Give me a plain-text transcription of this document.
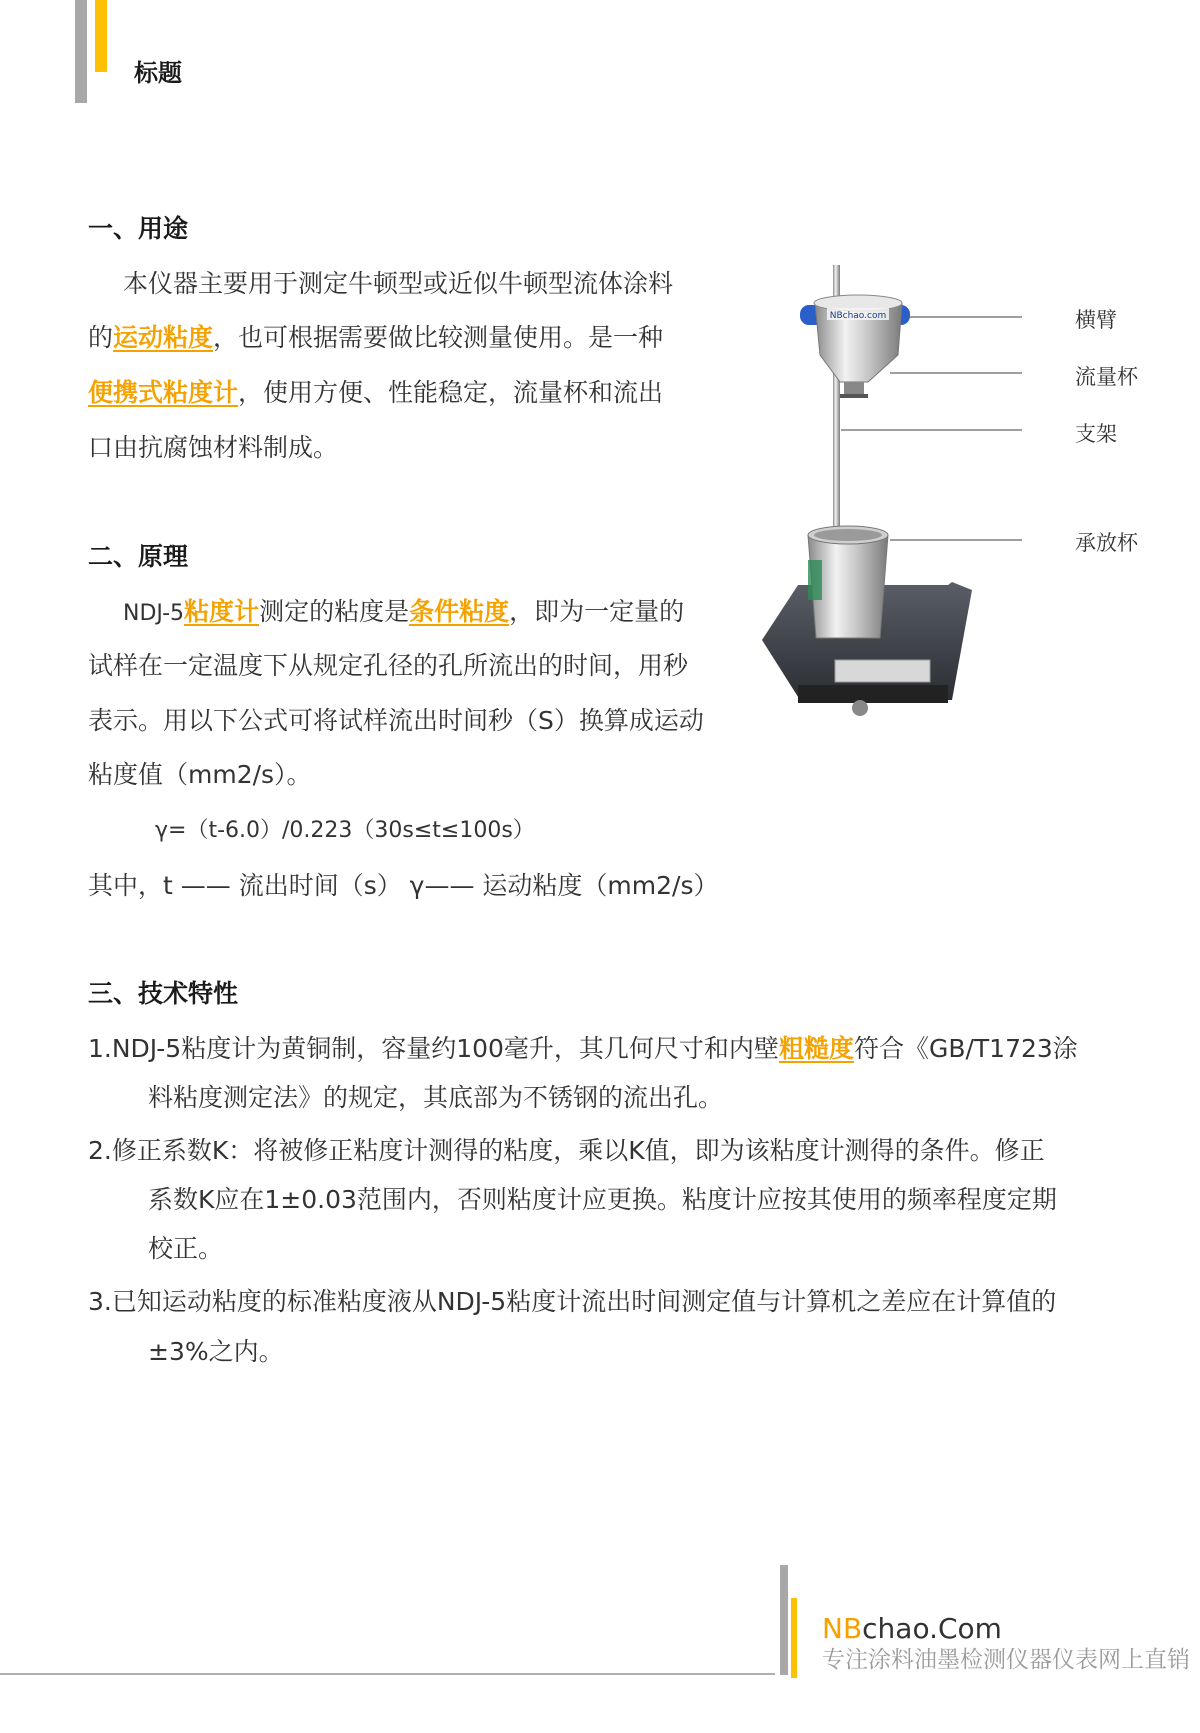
标题
一、用途
本仪器主要用于测定牛顿型或近似牛顿型流体涂料
的运动粘度，也可根据需要做比较测量使用。是一种
便携式粘度计，使用方便、性能稳定，流量杯和流出
口由抗腐蚀材料制成。
二、原理
NDJ-5粘度计测定的粘度是条件粘度，即为一定量的
试样在一定温度下从规定孔径的孔所流出的时间，用秒
表示。用以下公式可将试样流出时间秒（S）换算成运动
粘度值（mm2/s）。
γ=（t-6.0）/0.223（30s≤t≤100s）
其中，t —— 流出时间（s） γ—— 运动粘度（mm2/s）
NBchao.com	横臂
流量杯
支架
承放杯
三、技术特性
1.NDJ-5粘度计为黄铜制，容量约100毫升，其几何尺寸和内壁粗糙度符合《GB/T1723涂
料粘度测定法》的规定，其底部为不锈钢的流出孔。
2.修正系数K：将被修正粘度计测得的粘度，乘以K值，即为该粘度计测得的条件。修正
系数K应在1±0.03范围内，否则粘度计应更换。粘度计应按其使用的频率程度定期
校正。
3.已知运动粘度的标准粘度液从NDJ-5粘度计流出时间测定值与计算机之差应在计算值的
±3%之内。
NBchao.Com
专注涂料油墨检测仪器仪表网上直销
